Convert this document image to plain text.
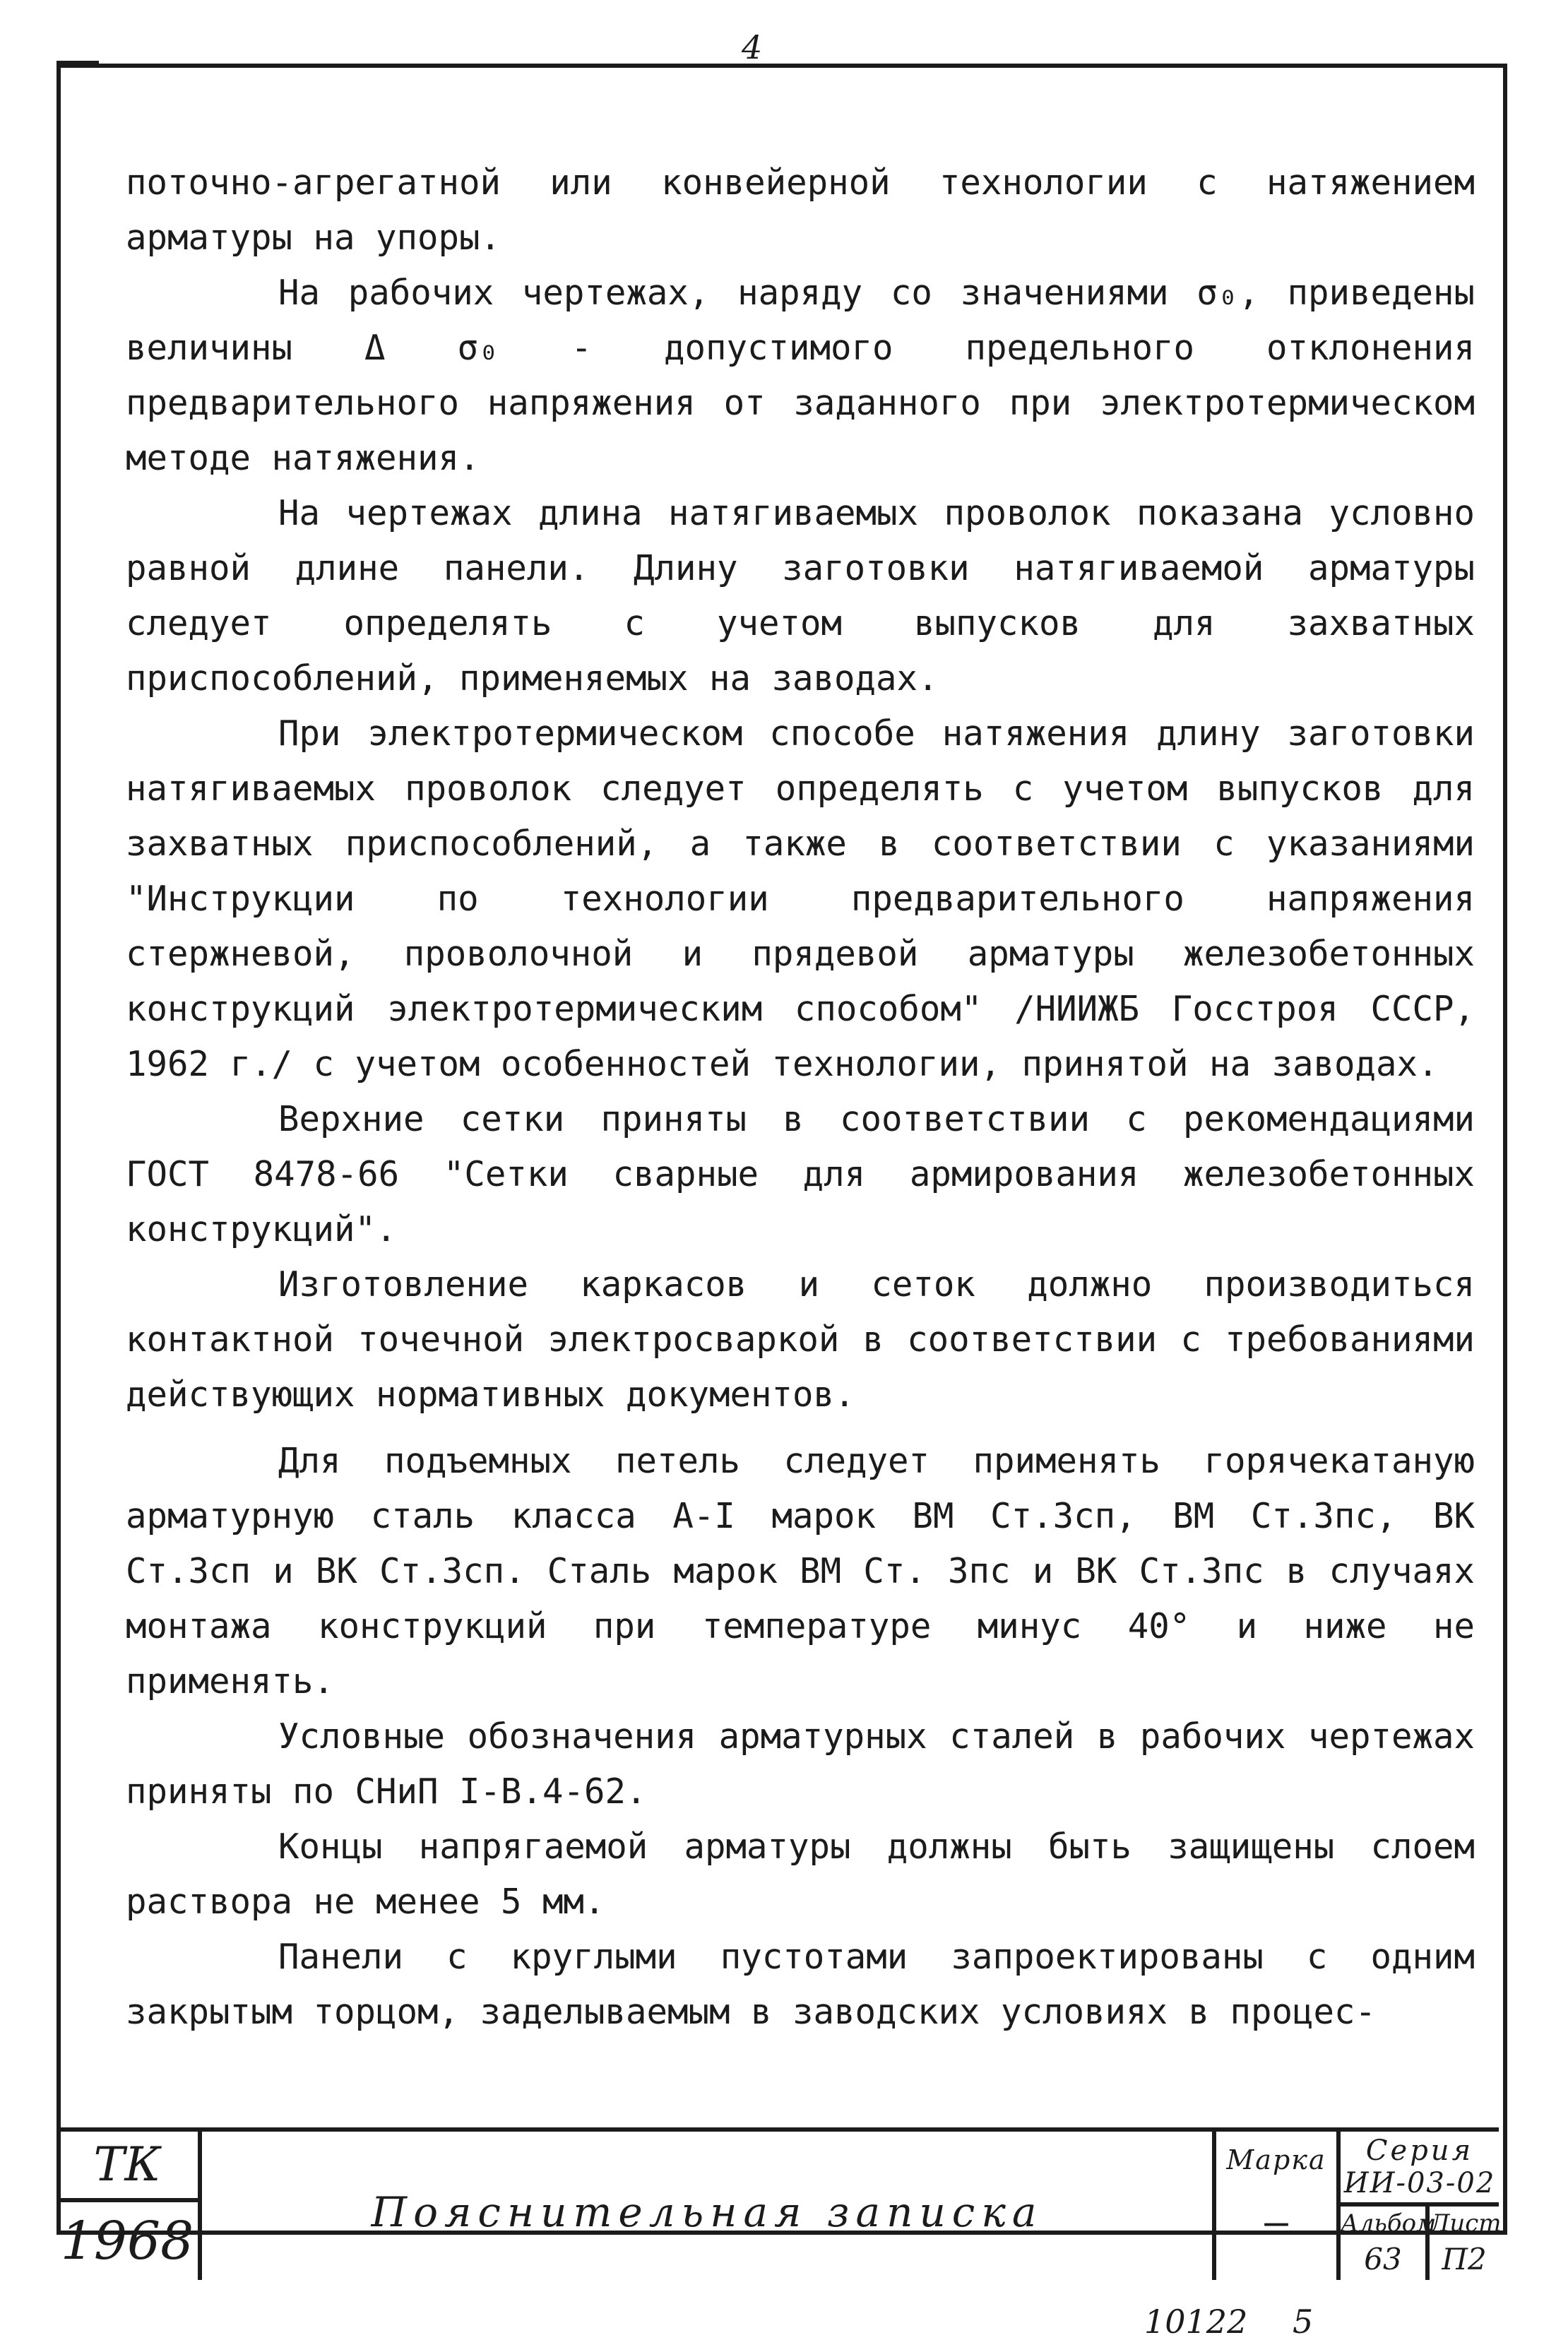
4

поточно-агрегатной или конвейерной технологии с натяжением арматуры на упоры.

На рабочих чертежах, наряду со значениями σ₀, приведены величины Δ σ₀ - допустимого предельного отклонения предварительного напряжения от заданного при электротермическом методе натяжения.

На чертежах длина натягиваемых проволок показана условно равной длине панели. Длину заготовки натягиваемой арматуры следует определять с учетом выпусков для захватных приспособлений, применяемых на заводах.

При электротермическом способе натяжения длину заготовки натягиваемых проволок следует определять с учетом выпусков для захватных приспособлений, а также в соответствии с указаниями "Инструкции по технологии предварительного напряжения стержневой, проволочной и прядевой арматуры железобетонных конструкций электротермическим способом" /НИИЖБ Госстроя СССР, 1962 г./ с учетом особенностей технологии, принятой на заводах.

Верхние сетки приняты в соответствии с рекомендациями ГОСТ 8478-66 "Сетки сварные для армирования железобетонных конструкций".

Изготовление каркасов и сеток должно производиться контактной точечной электросваркой в соответствии с требованиями действующих нормативных документов.

Для подъемных петель следует применять горячекатаную арматурную сталь класса А-I марок ВМ Ст.3сп, ВМ Ст.3пс, ВК Ст.3сп и ВК Ст.3сп. Сталь марок ВМ Ст. 3пс и ВК Ст.3пс в случаях монтажа конструкций при температуре минус 40° и ниже не применять.

Условные обозначения арматурных сталей в рабочих чертежах приняты по СНиП I-В.4-62.

Концы напрягаемой арматуры должны быть защищены слоем раствора не менее 5 мм.

Панели с круглыми пустотами запроектированы с одним закрытым торцом, заделываемым в заводских условиях в процес-

ТК
1968	Пояснительная записка
Марка
—
Серия
ИИ-03-02
Альбом
63
Лист
П2
10122 5
